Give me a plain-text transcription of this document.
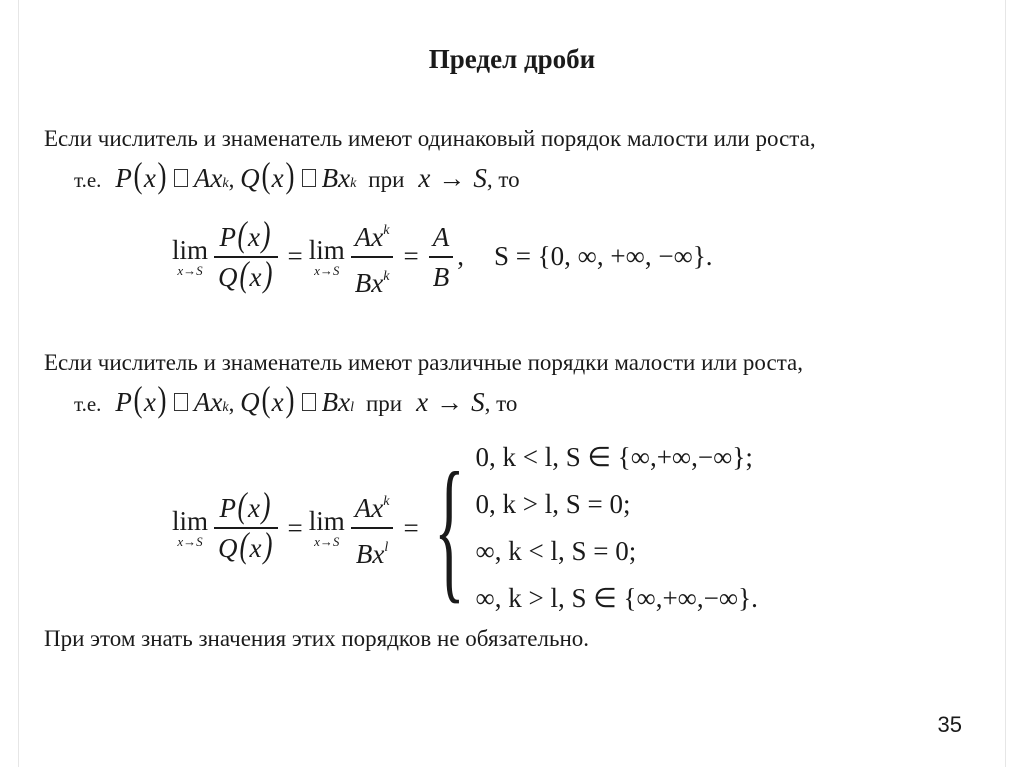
Предел дроби
Если числитель и знаменатель имеют одинаковый порядок малости или роста,
т.е. P ( x ) $Ax_k$ , Q ( x ) $Bx_k$ при x → S , то
lim
$x\to S \frac{P(x)}{Q(x)} = \lim$
$x\to S \frac{Ax^k}{Bx^k} = \frac{A}{B}$ , S = {0, ∞, +∞, −∞}.
Если числитель и знаменатель имеют различные порядки малости или роста,
т.е. P ( x ) $Ax_k$ , Q ( x ) $Bx_l$ при x → S , то
lim
$x\to S \frac{P(x)}{Q(x)} = \lim$
$x\to S \frac{Ax^k}{Bx^l}$ = { 0, k < l, S ∈ {∞,+∞,−∞};
0, k > l, S = 0;
∞, k < l, S = 0;
∞, k > l, S ∈ {∞,+∞,−∞}.
При этом знать значения этих порядков не обязательно.
35
